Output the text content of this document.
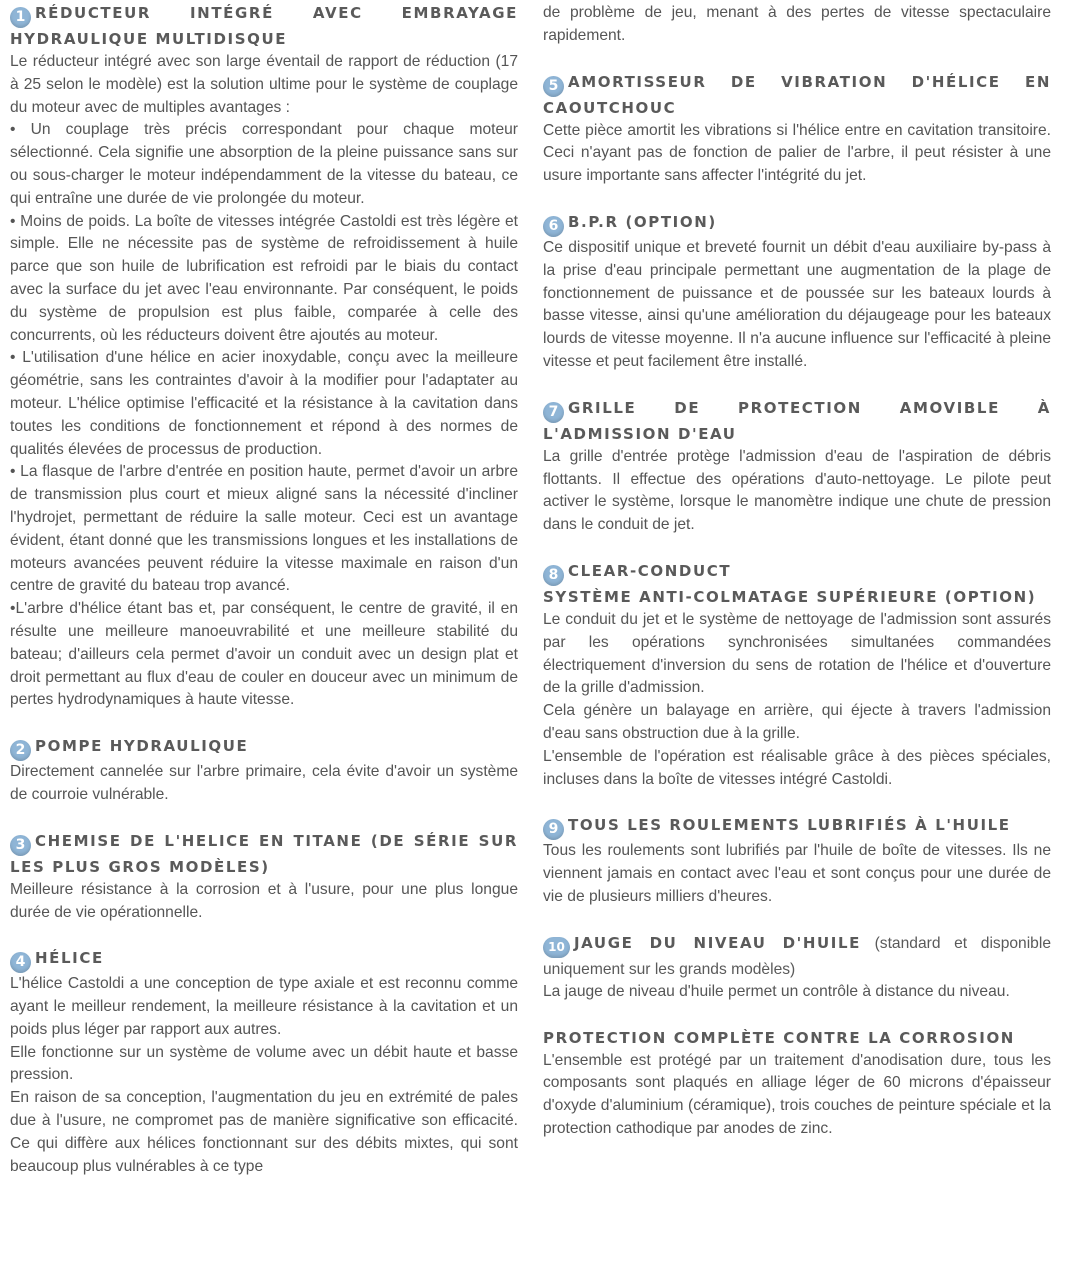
1 RÉDUCTEUR INTÉGRÉ AVEC EMBRAYAGE HYDRAULIQUE MULTIDISQUE

Le réducteur intégré avec son large éventail de rapport de réduction (17 à 25 selon le modèle) est la solution ultime pour le système de couplage du moteur avec de multiples avantages :

• Un couplage très précis correspondant pour chaque moteur sélectionné. Cela signifie une absorption de la pleine puissance sans sur ou sous-charger le moteur indépendamment de la vitesse du bateau, ce qui entraîne une durée de vie prolongée du moteur.

• Moins de poids. La boîte de vitesses intégrée Castoldi est très légère et simple. Elle ne nécessite pas de système de refroidissement à huile parce que son huile de lubrification est refroidi par le biais du contact avec la surface du jet avec l'eau environnante. Par conséquent, le poids du système de propulsion est plus faible, comparée à celle des concurrents, où les réducteurs doivent être ajoutés au moteur.

• L'utilisation d'une hélice en acier inoxydable, conçu avec la meilleure géométrie, sans les contraintes d'avoir à la modifier pour l'adaptater au moteur. L'hélice optimise l'efficacité et la résistance à la cavitation dans toutes les conditions de fonctionnement et répond à des normes de qualités élevées de processus de production.

• La flasque de l'arbre d'entrée en position haute, permet d'avoir un arbre de transmission plus court et mieux aligné sans la nécessité d'incliner l'hydrojet, permettant de réduire la salle moteur. Ceci est un avantage évident, étant donné que les transmissions longues et les installations de moteurs avancées peuvent réduire la vitesse maximale en raison d'un centre de gravité du bateau trop avancé.

•L'arbre d'hélice étant bas et, par conséquent, le centre de gravité, il en résulte une meilleure manoeuvrabilité et une meilleure stabilité du bateau; d'ailleurs cela permet d'avoir un conduit avec un design plat et droit permettant au flux d'eau de couler en douceur avec un minimum de pertes hydrodynamiques à haute vitesse.

2 POMPE HYDRAULIQUE

Directement cannelée sur l'arbre primaire, cela évite d'avoir un système de courroie vulnérable.

3 CHEMISE DE L'HELICE EN TITANE (DE SÉRIE SUR LES PLUS GROS MODÈLES)

Meilleure résistance à la corrosion et à l'usure, pour une plus longue durée de vie opérationnelle.

4 HÉLICE

L'hélice Castoldi a une conception de type axiale et est reconnu comme ayant le meilleur rendement, la meilleure résistance à la cavitation et un poids plus léger par rapport aux autres.

Elle fonctionne sur un système de volume avec un débit haute et basse pression.

En raison de sa conception, l'augmentation du jeu en extrémité de pales due à l'usure, ne compromet pas de manière significative son efficacité. Ce qui diffère aux hélices fonctionnant sur des débits mixtes, qui sont beaucoup plus vulnérables à ce type

de problème de jeu, menant à des pertes de vitesse spectaculaire rapidement.

5 AMORTISSEUR DE VIBRATION D'HÉLICE EN CAOUTCHOUC

Cette pièce amortit les vibrations si l'hélice entre en cavitation transitoire. Ceci n'ayant pas de fonction de palier de l'arbre, il peut résister à une usure importante sans affecter l'intégrité du jet.

6 B.P.R (OPTION)

Ce dispositif unique et breveté fournit un débit d'eau auxiliaire by-pass à la prise d'eau principale permettant une augmentation de la plage de fonctionnement de puissance et de poussée sur les bateaux lourds à basse vitesse, ainsi qu'une amélioration du déjaugeage pour les bateaux lourds de vitesse moyenne. Il n'a aucune influence sur l'efficacité à pleine vitesse et peut facilement être installé.

7 GRILLE DE PROTECTION AMOVIBLE À L'ADMISSION D'EAU

La grille d'entrée protège l'admission d'eau de l'aspiration de débris flottants. Il effectue des opérations d'auto-nettoyage. Le pilote peut activer le système, lorsque le manomètre indique une chute de pression dans le conduit de jet.

8 CLEAR-CONDUCT

SYSTÈME ANTI-COLMATAGE SUPÉRIEURE (OPTION)

Le conduit du jet et le système de nettoyage de l'admission sont assurés par les opérations synchronisées simultanées commandées électriquement d'inversion du sens de rotation de l'hélice et d'ouverture de la grille d'admission.

Cela génère un balayage en arrière, qui éjecte à travers l'admission d'eau sans obstruction due à la grille.

L'ensemble de l'opération est réalisable grâce à des pièces spéciales, incluses dans la boîte de vitesses intégré Castoldi.

9 TOUS LES ROULEMENTS LUBRIFIÉS À L'HUILE

Tous les roulements sont lubrifiés par l'huile de boîte de vitesses. Ils ne viennent jamais en contact avec l'eau et sont conçus pour une durée de vie de plusieurs milliers d'heures.

10 JAUGE DU NIVEAU D'HUILE (standard et disponible uniquement sur les grands modèles)

La jauge de niveau d'huile permet un contrôle à distance du niveau.

PROTECTION COMPLÈTE CONTRE LA CORROSION

L'ensemble est protégé par un traitement d'anodisation dure, tous les composants sont plaqués en alliage léger de 60 microns d'épaisseur d'oxyde d'aluminium (céramique), trois couches de peinture spéciale et la protection cathodique par anodes de zinc.
